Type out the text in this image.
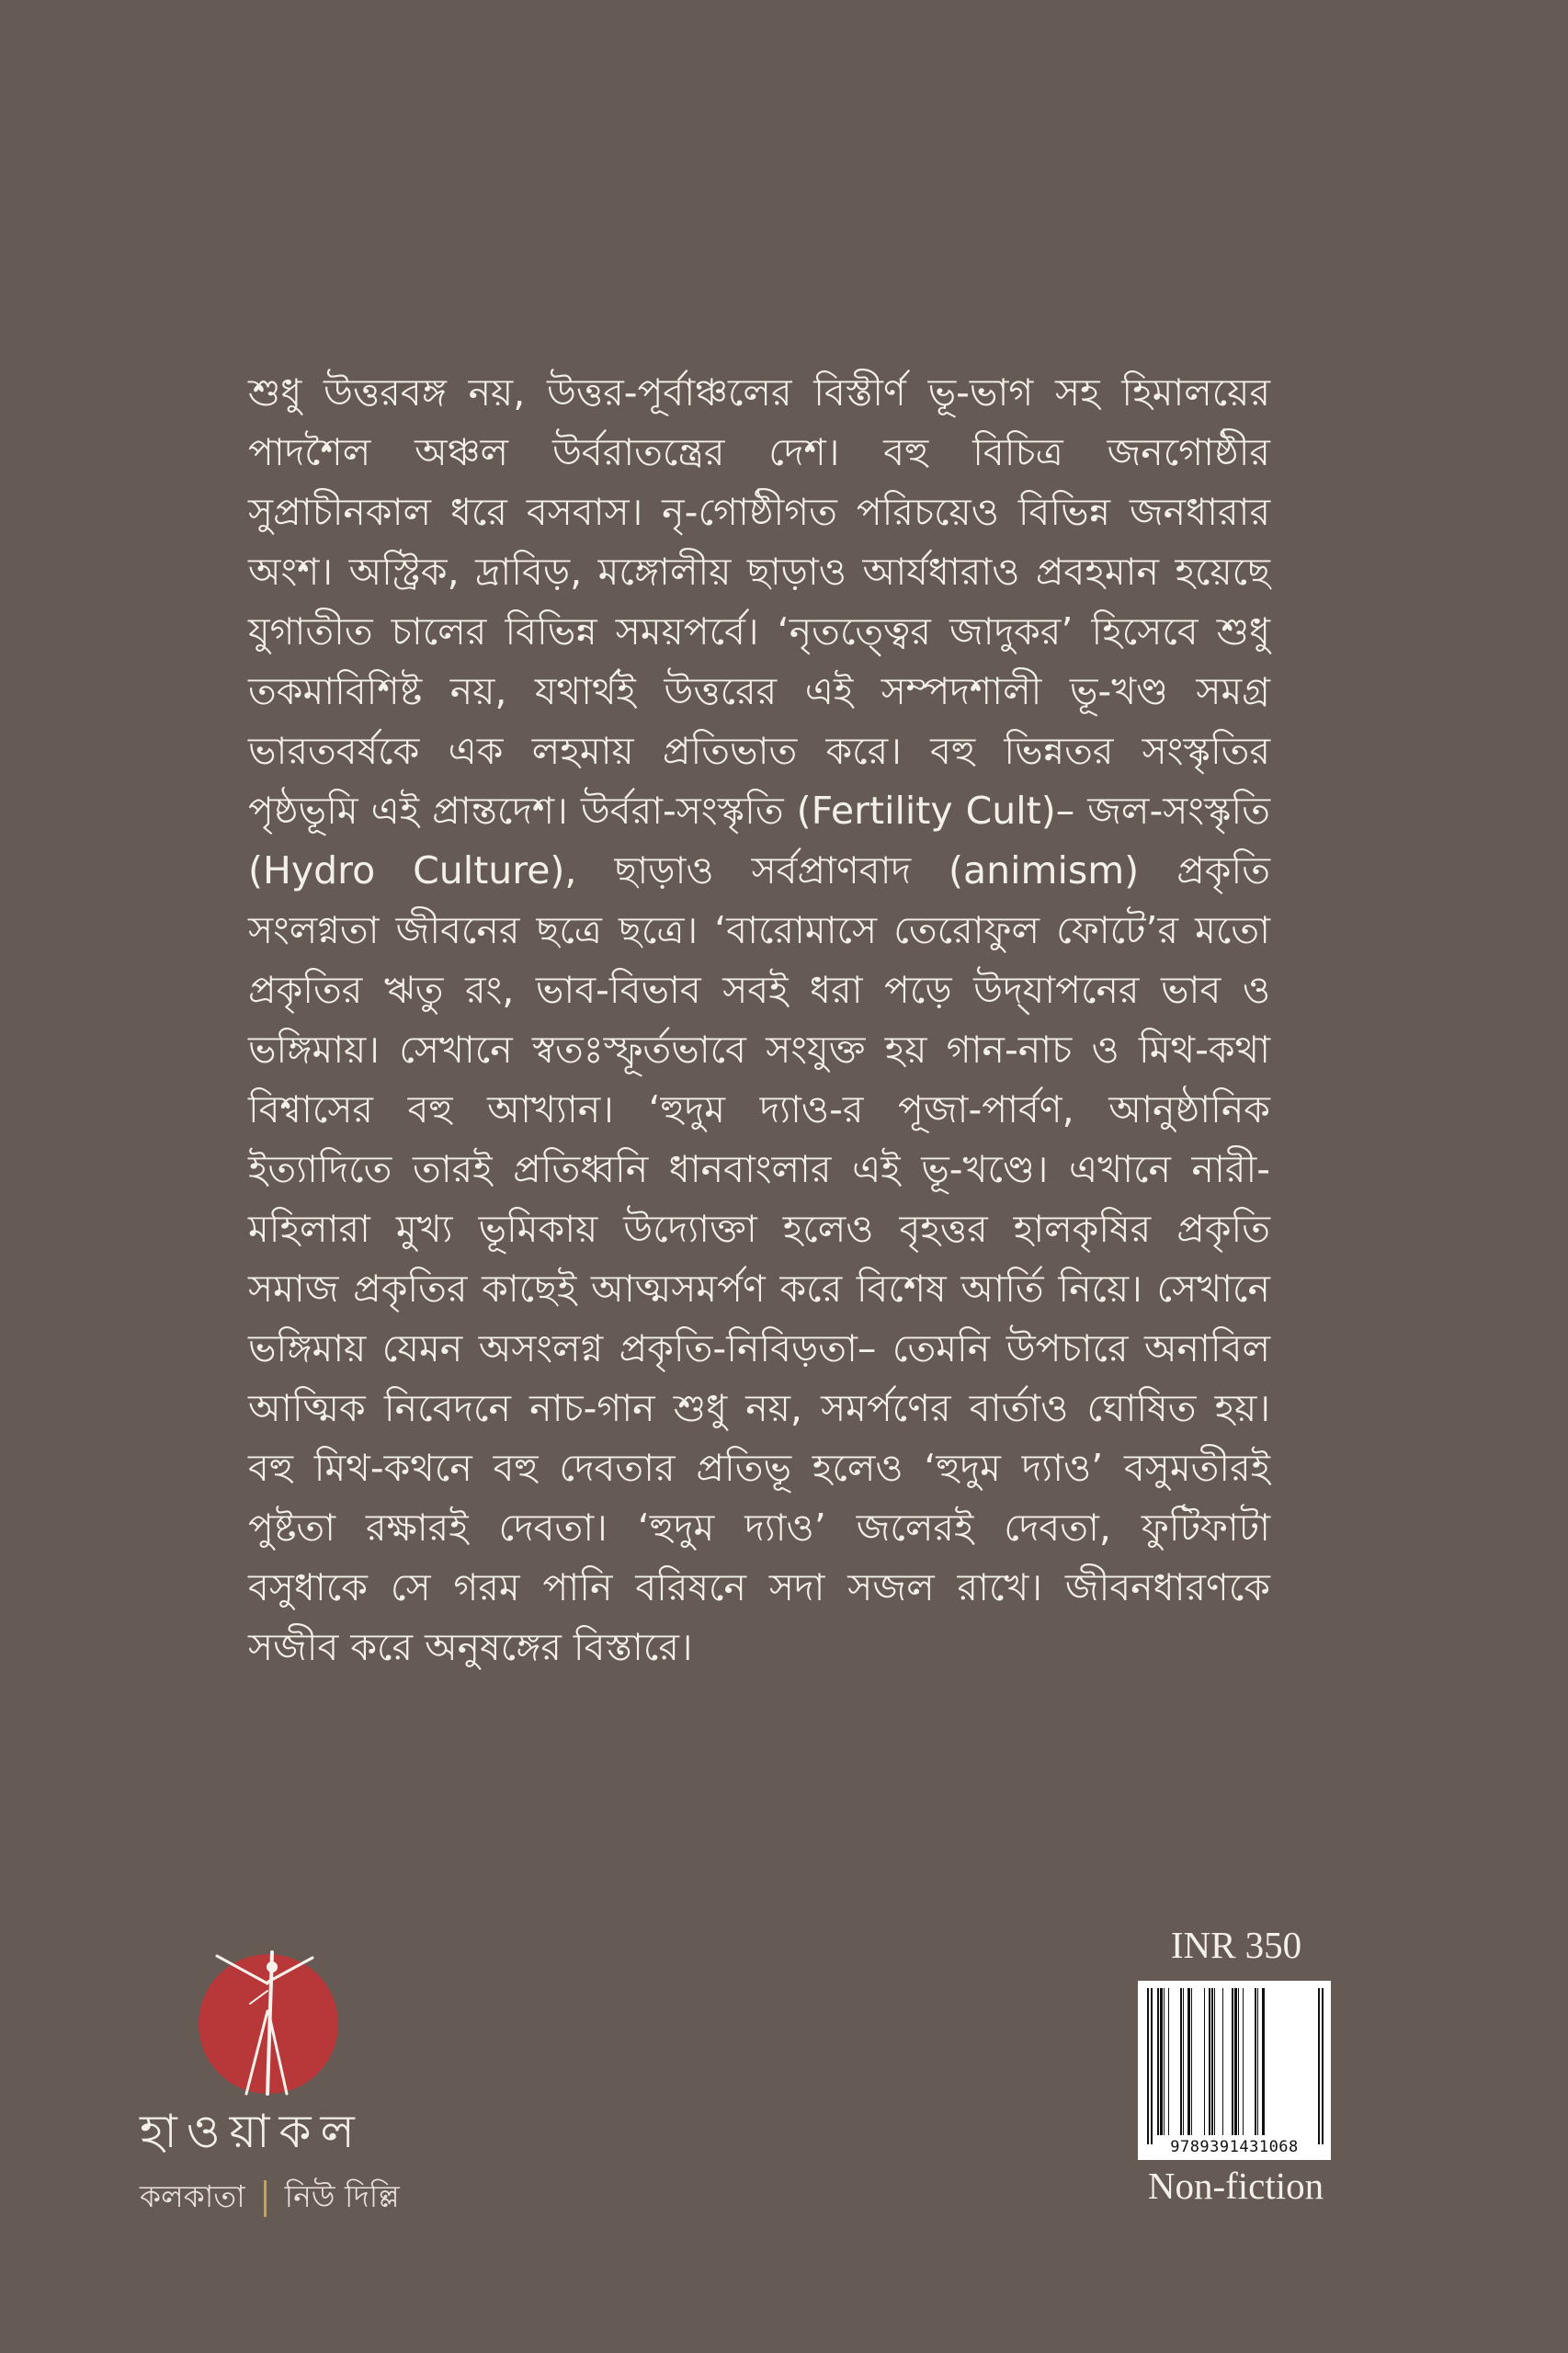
শুধু উত্তরবঙ্গ নয়, উত্তর-পূর্বাঞ্চলের বিস্তীর্ণ ভূ-ভাগ সহ হিমালয়ের পাদশৈল অঞ্চল উর্বরাতন্ত্রের দেশ। বহু বিচিত্র জনগোষ্ঠীর সুপ্রাচীনকাল ধরে বসবাস। নৃ-গোষ্ঠীগত পরিচয়েও বিভিন্ন জনধারার অংশ। অস্ট্রিক, দ্রাবিড়, মঙ্গোলীয় ছাড়াও আর্যধারাও প্রবহমান হয়েছে যুগাতীত চালের বিভিন্ন সময়পর্বে। ‘নৃতত্ত্বের জাদুকর’ হিসেবে শুধু তকমাবিশিষ্ট নয়, যথার্থই উত্তরের এই সম্পদশালী ভূ-খণ্ড সমগ্র ভারতবর্ষকে এক লহমায় প্রতিভাত করে। বহু ভিন্নতর সংস্কৃতির পৃষ্ঠভূমি এই প্রান্তদেশ। উর্বরা-সংস্কৃতি (Fertility Cult)– জল-সংস্কৃতি (Hydro Culture), ছাড়াও সর্বপ্রাণবাদ (animism) প্রকৃতি সংলগ্নতা জীবনের ছত্রে ছত্রে। ‘বারোমাসে তেরোফুল ফোটে’র মতো প্রকৃতির ঋতু রং, ভাব-বিভাব সবই ধরা পড়ে উদ্‌যাপনের ভাব ও ভঙ্গিমায়। সেখানে স্বতঃস্ফূর্তভাবে সংযুক্ত হয় গান-নাচ ও মিথ-কথা বিশ্বাসের বহু আখ্যান। ‘হুদুম দ্যাও-র পূজা-পার্বণ, আনুষ্ঠানিক ইত্যাদিতে তারই প্রতিধ্বনি ধানবাংলার এই ভূ-খণ্ডে। এখানে নারী-মহিলারা মুখ্য ভূমিকায় উদ্যোক্তা হলেও বৃহত্তর হালকৃষির প্রকৃতি সমাজ প্রকৃতির কাছেই আত্মসমর্পণ করে বিশেষ আর্তি নিয়ে। সেখানে ভঙ্গিমায় যেমন অসংলগ্ন প্রকৃতি-নিবিড়তা– তেমনি উপচারে অনাবিল আত্মিক নিবেদনে নাচ-গান শুধু নয়, সমর্পণের বার্তাও ঘোষিত হয়। বহু মিথ-কথনে বহু দেবতার প্রতিভূ হলেও ‘হুদুম দ্যাও’ বসুমতীরই পুষ্টতা রক্ষারই দেবতা। ‘হুদুম দ্যাও’ জলেরই দেবতা, ফুটিফাটা বসুধাকে সে গরম পানি বরিষনে সদা সজল রাখে। জীবনধারণকে সজীব করে অনুষঙ্গের বিস্তারে।

হাওয়াকল
কলকাতা নিউ দিল্লি
INR 350
9789391431068
Non-fiction
